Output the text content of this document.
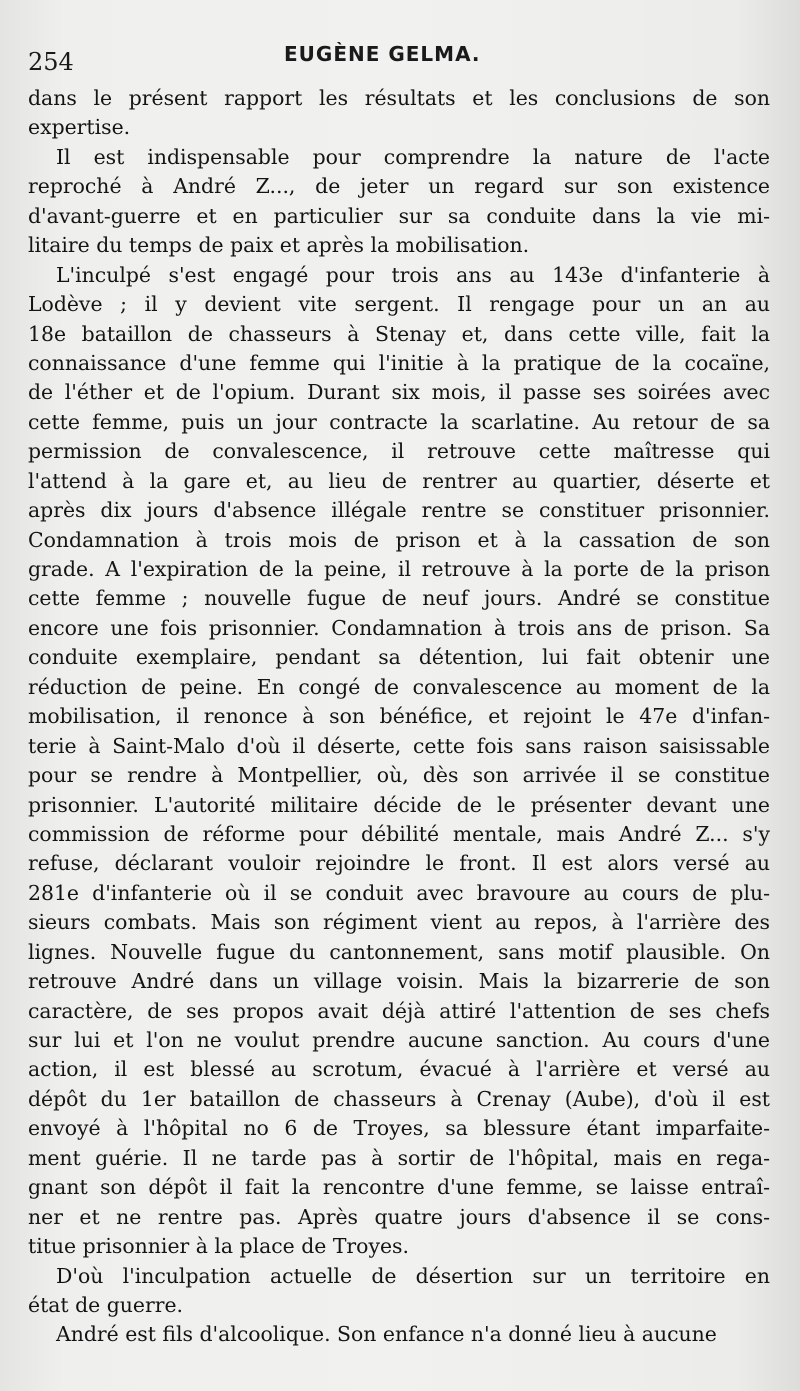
254	EUGÈNE GELMA.
dans le présent rapport les résultats et les conclusions de son
expertise.
Il est indispensable pour comprendre la nature de l'acte
reproché à André Z..., de jeter un regard sur son existence
d'avant-guerre et en particulier sur sa conduite dans la vie mi-
litaire du temps de paix et après la mobilisation.
L'inculpé s'est engagé pour trois ans au 143e d'infanterie à
Lodève ; il y devient vite sergent. Il rengage pour un an au
18e bataillon de chasseurs à Stenay et, dans cette ville, fait la
connaissance d'une femme qui l'initie à la pratique de la cocaïne,
de l'éther et de l'opium. Durant six mois, il passe ses soirées avec
cette femme, puis un jour contracte la scarlatine. Au retour de sa
permission de convalescence, il retrouve cette maîtresse qui
l'attend à la gare et, au lieu de rentrer au quartier, déserte et
après dix jours d'absence illégale rentre se constituer prisonnier.
Condamnation à trois mois de prison et à la cassation de son
grade. A l'expiration de la peine, il retrouve à la porte de la prison
cette femme ; nouvelle fugue de neuf jours. André se constitue
encore une fois prisonnier. Condamnation à trois ans de prison. Sa
conduite exemplaire, pendant sa détention, lui fait obtenir une
réduction de peine. En congé de convalescence au moment de la
mobilisation, il renonce à son bénéfice, et rejoint le 47e d'infan-
terie à Saint-Malo d'où il déserte, cette fois sans raison saisissable
pour se rendre à Montpellier, où, dès son arrivée il se constitue
prisonnier. L'autorité militaire décide de le présenter devant une
commission de réforme pour débilité mentale, mais André Z... s'y
refuse, déclarant vouloir rejoindre le front. Il est alors versé au
281e d'infanterie où il se conduit avec bravoure au cours de plu-
sieurs combats. Mais son régiment vient au repos, à l'arrière des
lignes. Nouvelle fugue du cantonnement, sans motif plausible. On
retrouve André dans un village voisin. Mais la bizarrerie de son
caractère, de ses propos avait déjà attiré l'attention de ses chefs
sur lui et l'on ne voulut prendre aucune sanction. Au cours d'une
action, il est blessé au scrotum, évacué à l'arrière et versé au
dépôt du 1er bataillon de chasseurs à Crenay (Aube), d'où il est
envoyé à l'hôpital no 6 de Troyes, sa blessure étant imparfaite-
ment guérie. Il ne tarde pas à sortir de l'hôpital, mais en rega-
gnant son dépôt il fait la rencontre d'une femme, se laisse entraî-
ner et ne rentre pas. Après quatre jours d'absence il se cons-
titue prisonnier à la place de Troyes.
D'où l'inculpation actuelle de désertion sur un territoire en
état de guerre.
André est fils d'alcoolique. Son enfance n'a donné lieu à aucune
